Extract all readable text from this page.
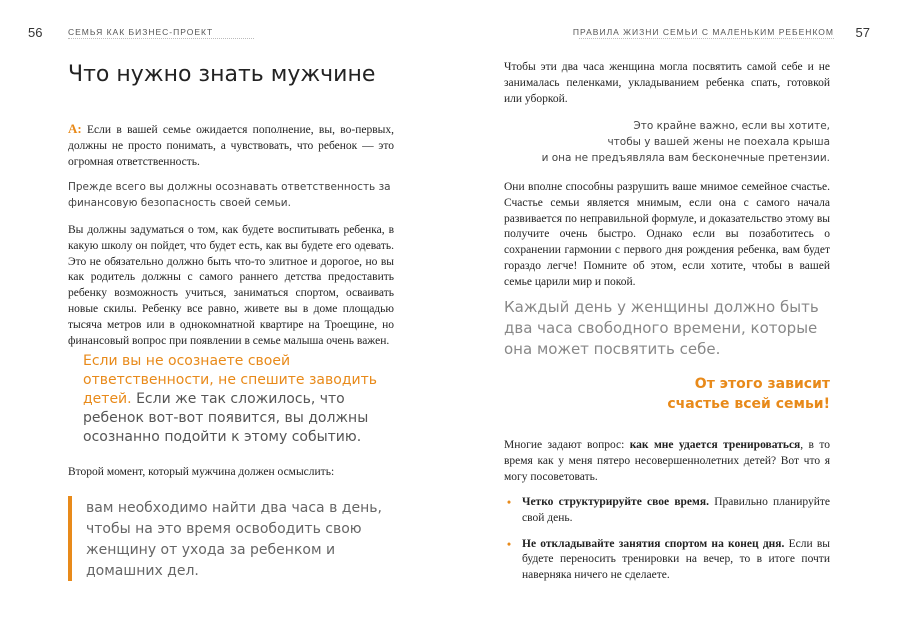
56	СЕМЬЯ КАК БИЗНЕС-ПРОЕКТ
Что нужно знать мужчине
А: Если в вашей семье ожидается пополнение, вы, во-первых, должны не просто понимать, а чувствовать, что ребенок — это огромная ответственность.
Прежде всего вы должны осознавать ответственность за финансовую безопасность своей семьи.
Вы должны задуматься о том, как будете воспитывать ребенка, в какую школу он пойдет, что будет есть, как вы будете его одевать. Это не обязательно должно быть что-то элитное и дорогое, но вы как родитель должны с самого раннего детства предоставить ребенку возможность учиться, заниматься спортом, осваивать новые скилы. Ребенку все равно, живете вы в доме площадью тысяча метров или в однокомнатной квартире на Троещине, но финансовый вопрос при появлении в семье малыша очень важен.
Если вы не осознаете своей ответственности, не спешите заводить детей. Если же так сложилось, что ребенок вот-вот появится, вы должны осознанно подойти к этому событию.
Второй момент, который мужчина должен осмыслить:
вам необходимо найти два часа в день, чтобы на это время освободить свою женщину от ухода за ребенком и домашних дел.
57
ПРАВИЛА ЖИЗНИ СЕМЬИ С МАЛЕНЬКИМ РЕБЕНКОМ
Чтобы эти два часа женщина могла посвятить самой себе и не занималась пеленками, укладыванием ребенка спать, готовкой или уборкой.
Это крайне важно, если вы хотите,
чтобы у вашей жены не поехала крыша
и она не предъявляла вам бесконечные претензии.
Они вполне способны разрушить ваше мнимое семейное счастье. Счастье семьи является мнимым, если она с самого начала развивается по неправильной формуле, и доказательство этому вы получите очень быстро. Однако если вы позаботитесь о сохранении гармонии с первого дня рождения ребенка, вам будет гораздо легче! Помните об этом, если хотите, чтобы в вашей семье царили мир и покой.
Каждый день у женщины должно быть два часа свободного времени, которые она может посвятить себе.
От этого зависит
счастье всей семьи!
Многие задают вопрос: как мне удается тренироваться, в то время как у меня пятеро несовершеннолетних детей? Вот что я могу посоветовать.
• Четко структурируйте свое время. Правильно планируйте свой день.
• Не откладывайте занятия спортом на конец дня. Если вы будете переносить тренировки на вечер, то в итоге почти наверняка ничего не сделаете.
